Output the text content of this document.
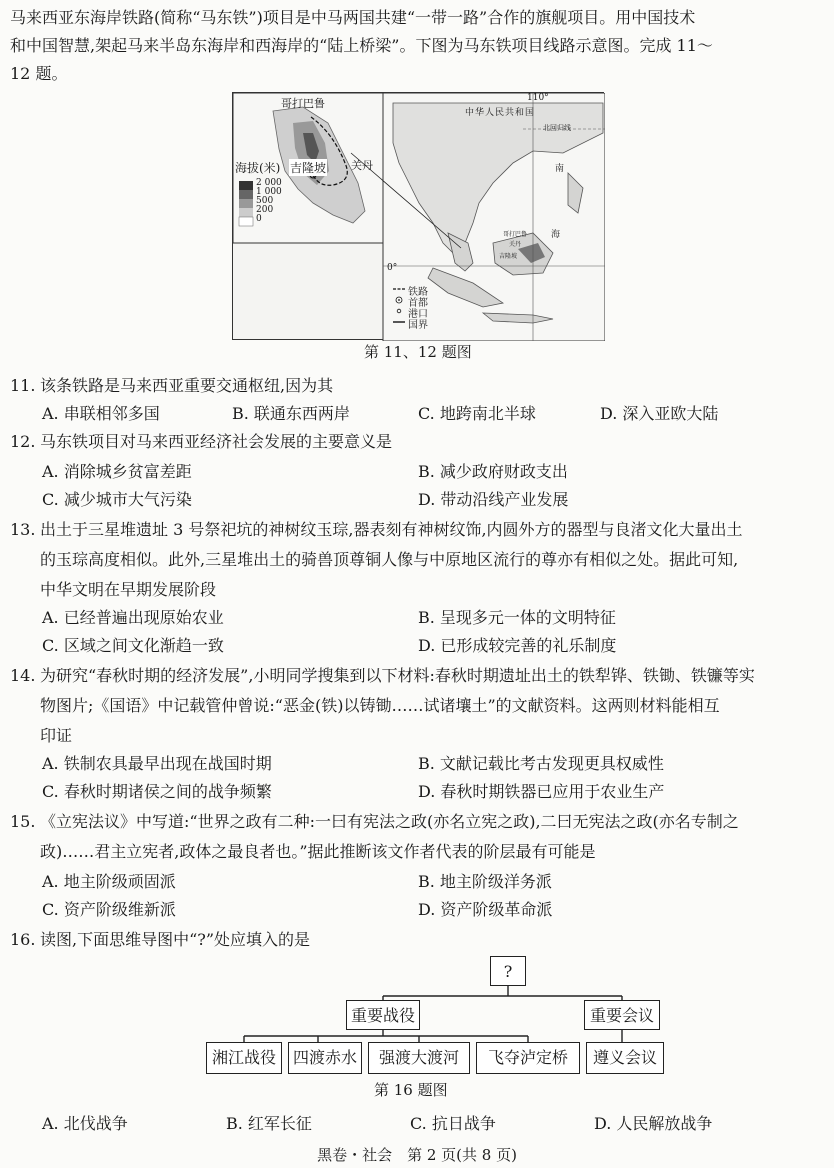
马来西亚东海岸铁路(简称“马东铁”)项目是中马两国共建“一带一路”合作的旗舰项目。用中国技术
和中国智慧,架起马来半岛东海岸和西海岸的“陆上桥梁”。下图为马东铁项目线路示意图。完成 11～
12 题。
哥打巴鲁
海拔(米) 吉隆坡 关丹
2 000
1 000
500
200
0
中华人民共和国
110°
0°
北回归线
南
海
哥打巴鲁
吉隆坡
关丹
铁路
首都
港口
国界
第 11、12 题图
11. 该条铁路是马来西亚重要交通枢纽,因为其
A. 串联相邻多国	B. 联通东西两岸	C. 地跨南北半球	D. 深入亚欧大陆
12. 马东铁项目对马来西亚经济社会发展的主要意义是
A. 消除城乡贫富差距	B. 减少政府财政支出
C. 减少城市大气污染	D. 带动沿线产业发展
13. 出土于三星堆遗址 3 号祭祀坑的神树纹玉琮,器表刻有神树纹饰,内圆外方的器型与良渚文化大量出土
的玉琮高度相似。此外,三星堆出土的骑兽顶尊铜人像与中原地区流行的尊亦有相似之处。据此可知,
中华文明在早期发展阶段
A. 已经普遍出现原始农业	B. 呈现多元一体的文明特征
C. 区域之间文化渐趋一致	D. 已形成较完善的礼乐制度
14. 为研究“春秋时期的经济发展”,小明同学搜集到以下材料:春秋时期遗址出土的铁犁铧、铁锄、铁镰等实
物图片;《国语》中记载管仲曾说:“恶金(铁)以铸锄……试诸壤土”的文献资料。这两则材料能相互
印证
A. 铁制农具最早出现在战国时期	B. 文献记载比考古发现更具权威性
C. 春秋时期诸侯之间的战争频繁	D. 春秋时期铁器已应用于农业生产
15. 《立宪法议》中写道:“世界之政有二种:一曰有宪法之政(亦名立宪之政),二曰无宪法之政(亦名专制之
政)……君主立宪者,政体之最良者也。”据此推断该文作者代表的阶层最有可能是
A. 地主阶级顽固派	B. 地主阶级洋务派
C. 资产阶级维新派	D. 资产阶级革命派
16. 读图,下面思维导图中“?”处应填入的是
?
重要战役	重要会议
湘江战役	四渡赤水	强渡大渡河	飞夺泸定桥	遵义会议
第 16 题图
A. 北伐战争	B. 红军长征	C. 抗日战争	D. 人民解放战争
黑卷・社会　第 2 页(共 8 页)
